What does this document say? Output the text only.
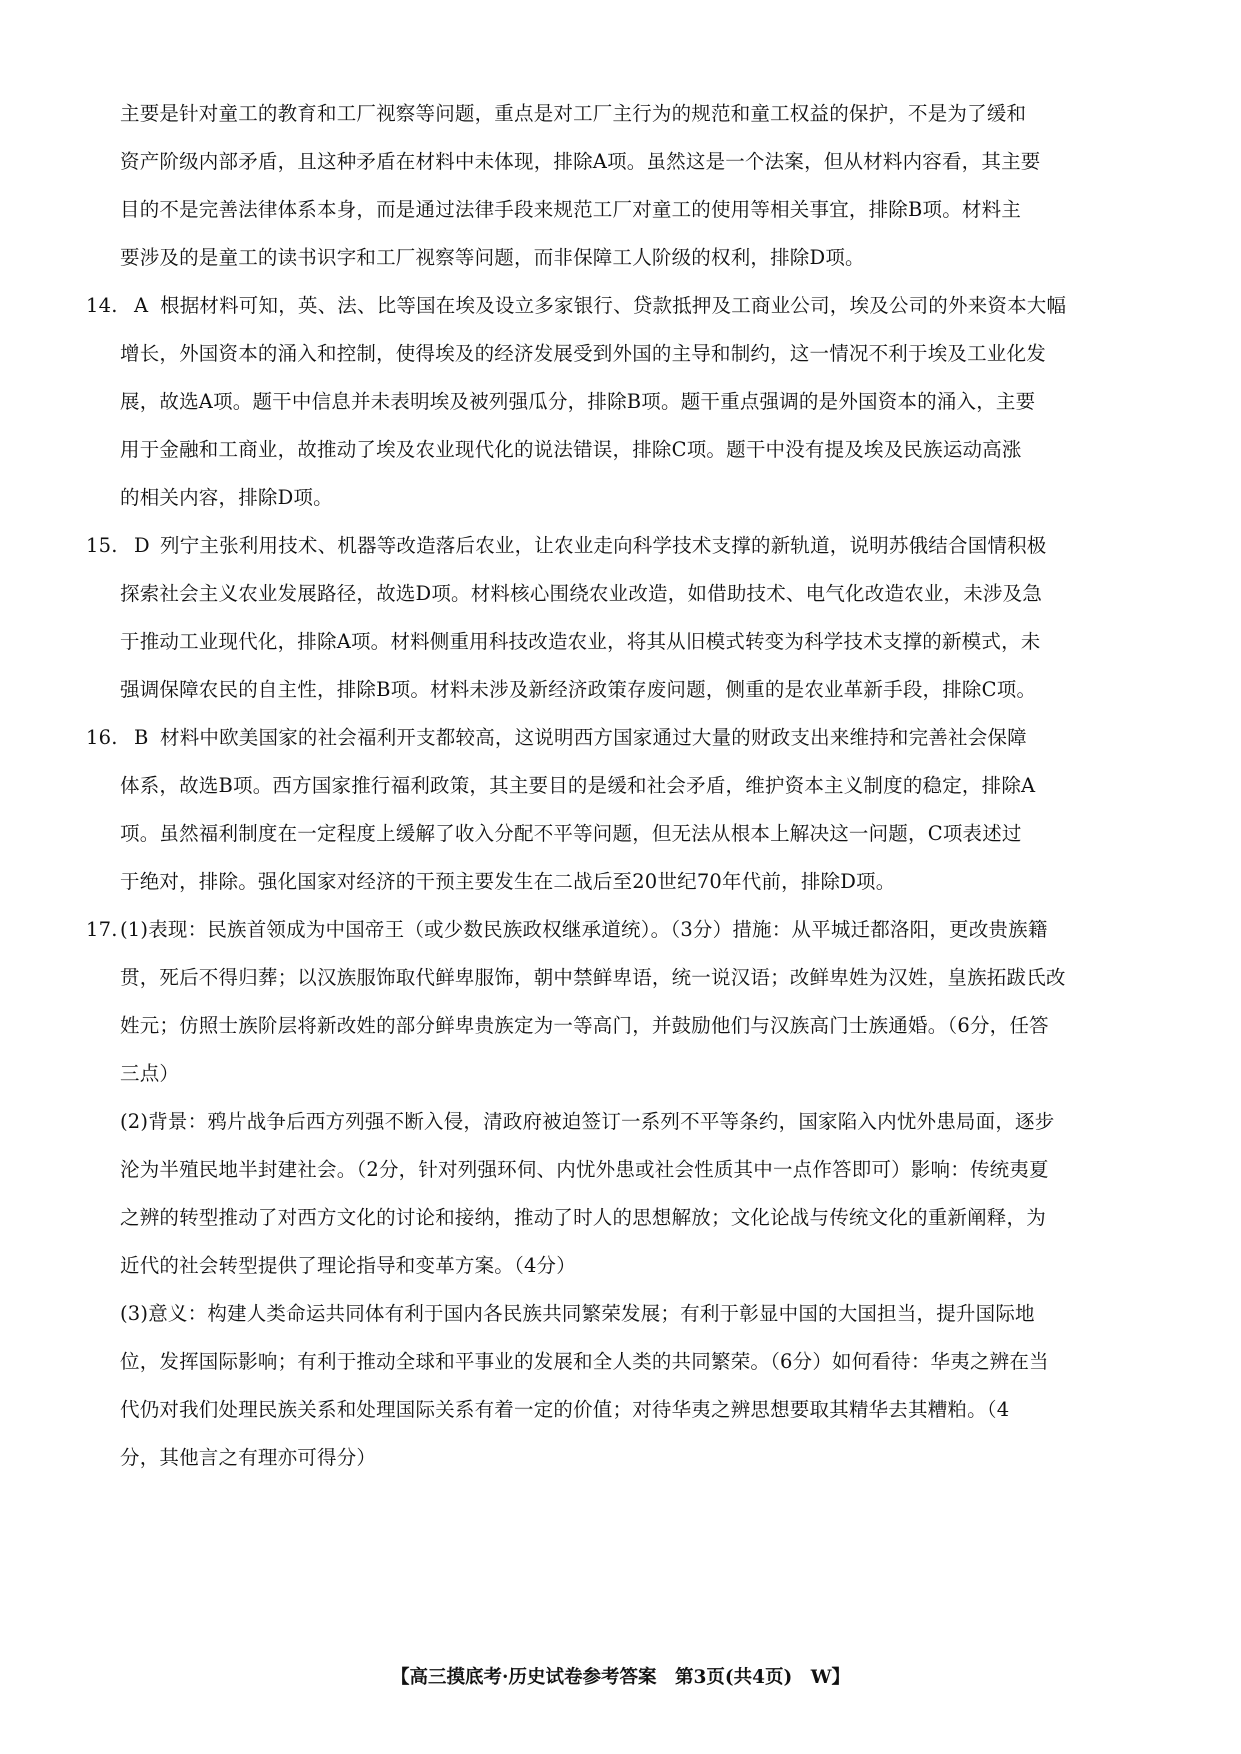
主要是针对童工的教育和工厂视察等问题，重点是对工厂主行为的规范和童工权益的保护，不是为了缓和
资产阶级内部矛盾，且这种矛盾在材料中未体现，排除A项。虽然这是一个法案，但从材料内容看，其主要
目的不是完善法律体系本身，而是通过法律手段来规范工厂对童工的使用等相关事宜，排除B项。材料主
要涉及的是童工的读书识字和工厂视察等问题，而非保障工人阶级的权利，排除D项。
14. A 根据材料可知，英、法、比等国在埃及设立多家银行、贷款抵押及工商业公司，埃及公司的外来资本大幅
增长，外国资本的涌入和控制，使得埃及的经济发展受到外国的主导和制约，这一情况不利于埃及工业化发
展，故选A项。题干中信息并未表明埃及被列强瓜分，排除B项。题干重点强调的是外国资本的涌入，主要
用于金融和工商业，故推动了埃及农业现代化的说法错误，排除C项。题干中没有提及埃及民族运动高涨
的相关内容，排除D项。
15. D 列宁主张利用技术、机器等改造落后农业，让农业走向科学技术支撑的新轨道，说明苏俄结合国情积极
探索社会主义农业发展路径，故选D项。材料核心围绕农业改造，如借助技术、电气化改造农业，未涉及急
于推动工业现代化，排除A项。材料侧重用科技改造农业，将其从旧模式转变为科学技术支撑的新模式，未
强调保障农民的自主性，排除B项。材料未涉及新经济政策存废问题，侧重的是农业革新手段，排除C项。
16. B 材料中欧美国家的社会福利开支都较高，这说明西方国家通过大量的财政支出来维持和完善社会保障
体系，故选B项。西方国家推行福利政策，其主要目的是缓和社会矛盾，维护资本主义制度的稳定，排除A
项。虽然福利制度在一定程度上缓解了收入分配不平等问题，但无法从根本上解决这一问题，C项表述过
于绝对，排除。强化国家对经济的干预主要发生在二战后至20世纪70年代前，排除D项。
17. (1)表现：民族首领成为中国帝王（或少数民族政权继承道统）。（3分）措施：从平城迁都洛阳，更改贵族籍
贯，死后不得归葬；以汉族服饰取代鲜卑服饰，朝中禁鲜卑语，统一说汉语；改鲜卑姓为汉姓，皇族拓跋氏改
姓元；仿照士族阶层将新改姓的部分鲜卑贵族定为一等高门，并鼓励他们与汉族高门士族通婚。（6分，任答
三点）
(2)背景：鸦片战争后西方列强不断入侵，清政府被迫签订一系列不平等条约，国家陷入内忧外患局面，逐步
沦为半殖民地半封建社会。（2分，针对列强环伺、内忧外患或社会性质其中一点作答即可）影响：传统夷夏
之辨的转型推动了对西方文化的讨论和接纳，推动了时人的思想解放；文化论战与传统文化的重新阐释，为
近代的社会转型提供了理论指导和变革方案。（4分）
(3)意义：构建人类命运共同体有利于国内各民族共同繁荣发展；有利于彰显中国的大国担当，提升国际地
位，发挥国际影响；有利于推动全球和平事业的发展和全人类的共同繁荣。（6分）如何看待：华夷之辨在当
代仍对我们处理民族关系和处理国际关系有着一定的价值；对待华夷之辨思想要取其精华去其糟粕。（4
分，其他言之有理亦可得分）
【高三摸底考·历史试卷参考答案　第3页(共4页)　W】
